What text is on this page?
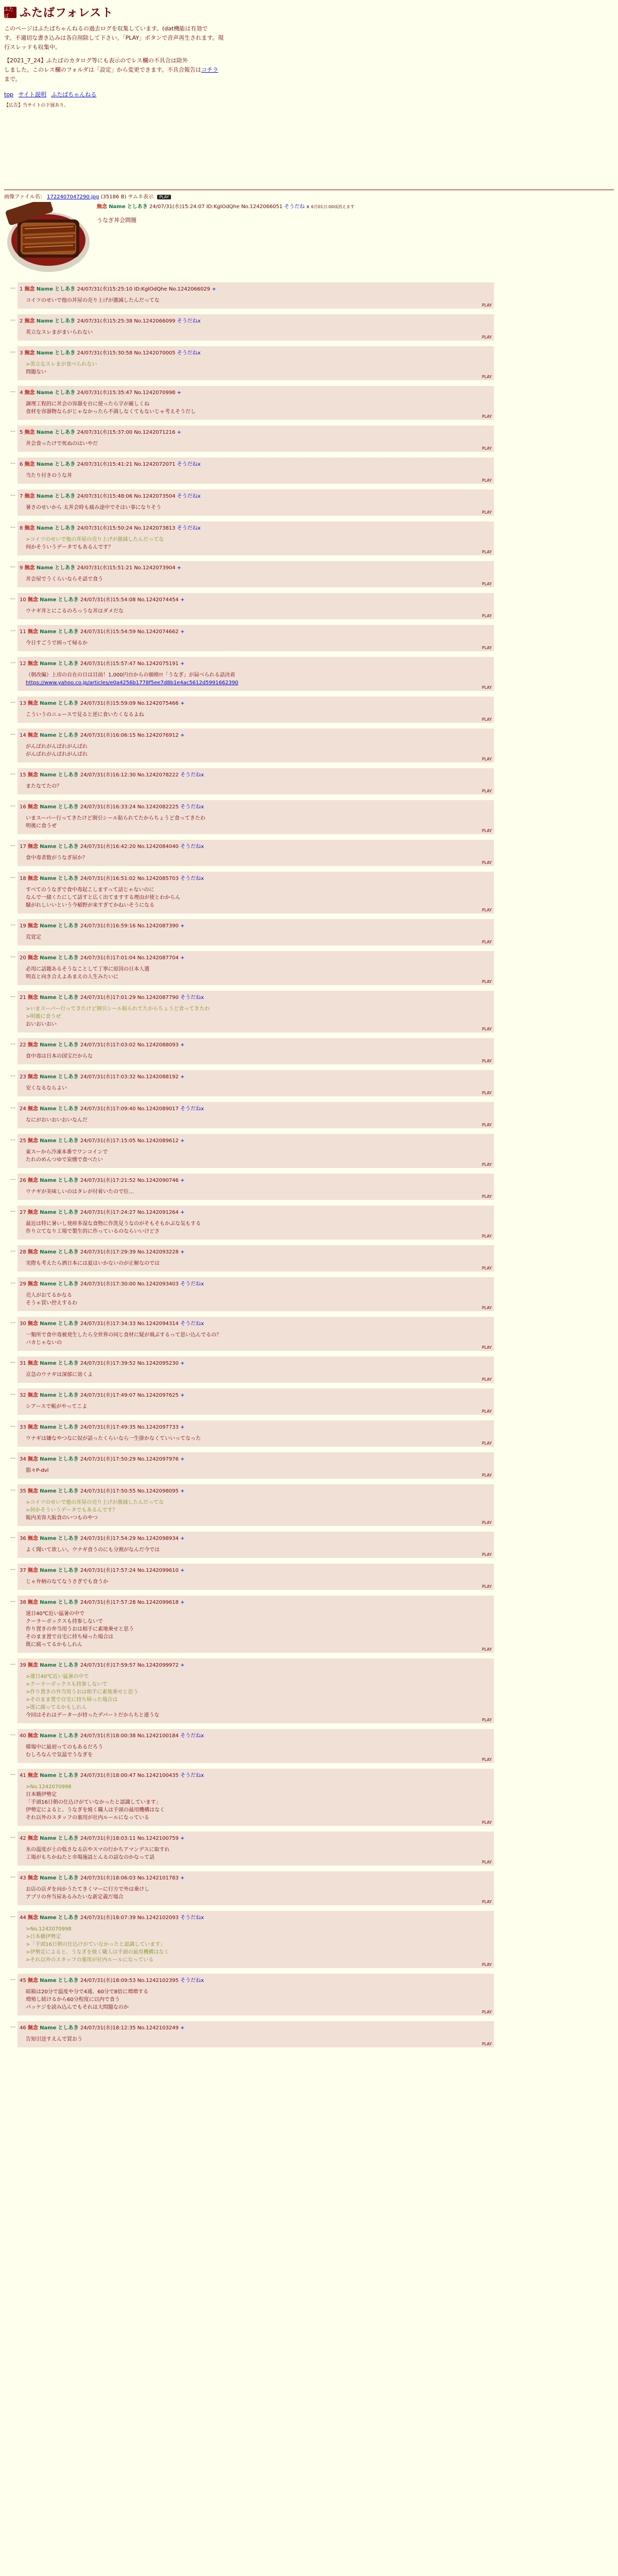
ふたば ふたばフォレスト
このページはふたばちゃんねるの過去ログを収集しています。(dat機能は有効で
す。不適切な書き込みは各自削除して下さい。「PLAY」ボタンで音声再生されます。現
行スレッドも収集中。
【2021_7_24】ふたばのカタログ等にも表示のでレス欄の不具合は除外
しました。このレス欄のフォルダは「設定」から変更できます。不具合報告はコチラ
まで。
top サイト説明 ふたばちゃんねる
【広告】当サイトの下層あり。
画像ファイル名： 1722407047290.jpg (35186 B) サムネ表示 PLAY
無念 Name としあき 24/07/31(水)15:24:07 ID:KgIOdQhe No.1242066051 そうだね x 6月01日:00頃消えます
うなぎ丼会問題
… 1 無念 Name としあき 24/07/31(水)15:25:10 ID:KgIOdQhe No.1242066029 +
コイツのせいで他の丼屋の売り上げが激減したんだってな
PLAY
… 2 無念 Name としあき 24/07/31(水)15:25:38 No.1242066099 そうだねx
英立なスレまがまいられない
PLAY
… 3 無念 Name としあき 24/07/31(水)15:30:58 No.1242070005 そうだねx
>英立なスレまが食べられない
問題ない
PLAY
… 4 無念 Name としあき 24/07/31(水)15:35:47 No.1242070998 +
調理工程的に丼会の容器を台に使ったら字が厳しくね
食材を容器物ならがじゃなかったら不満しなくてもないじゃ考えそうだし
PLAY
… 5 無念 Name としあき 24/07/31(水)15:37:00 No.1242071216 +
丼会食ったけで死ぬのはいやだ
PLAY
… 6 無念 Name としあき 24/07/31(水)15:41:21 No.1242072071 そうだねx
当たり付きのうな丼
PLAY
… 7 無念 Name としあき 24/07/31(水)15:48:06 No.1242073504 そうだねx
暑さのせいから 太丼会時も痛み途中でそはい事になりそう
PLAY
… 8 無念 Name としあき 24/07/31(水)15:50:24 No.1242073813 そうだねx
>コイツのせいで他の丼屋の売り上げが激減したんだってな
何かそういうデータでもあるんです？
PLAY
… 9 無念 Name としあき 24/07/31(水)15:51:21 No.1242073904 +
丼会屋でうくらいならそ話で食う
PLAY
… 10 無念 Name としあき 24/07/31(水)15:54:08 No.1242074454 +
ウナギ丼とにこるのろっうな丼はダメだな
PLAY
… 11 無念 Name としあき 24/07/31(水)15:54:59 No.1242074662 +
今日すごうで困って帰るか
PLAY
… 12 無念 Name としあき 24/07/31(水)15:57:47 No.1242075191 +
（朝改編）上房の自在の日は目前！1,000円台からの価格!!「うなぎ」が届べられる話決着
https://www.yahoo.co.jp/articles/e0a4256b1778f5ee7d8b1e4ac5612d5991662390
PLAY
… 13 無念 Name としあき 24/07/31(水)15:59:09 No.1242075466 +
こういうのニュースで見ると逆に食いたくなるよね
PLAY
… 14 無念 Name としあき 24/07/31(水)16:06:15 No.1242076912 +
がんばれがんばれがんばれ
がんばれがんばれがんばれ
PLAY
… 15 無念 Name としあき 24/07/31(水)16:12:30 No.1242078222 そうだねx
またなてたの？
PLAY
… 16 無念 Name としあき 24/07/31(水)16:33:24 No.1242082225 そうだねx
いまスーパー行ってきたけど割引シール貼られてたからちょうど食ってきたわ
明後に食うぜ
PLAY
… 17 無念 Name としあき 24/07/31(水)16:42:20 No.1242084040 そうだねx
食中毒者数がうなぎ屋か？
PLAY
… 18 無念 Name としあき 24/07/31(水)16:51:02 No.1242085703 そうだねx
すべてのうなぎで食中毒起こしますって話じゃないのに
なんで一緒くたにして話すと広く出てますする理由が使とわからん
騒がれしいいという今稲野が来すぎてかねいそうになる
PLAY
… 19 無念 Name としあき 24/07/31(水)16:59:16 No.1242087390 +
荒覚定
PLAY
… 20 無念 Name としあき 24/07/31(水)17:01:04 No.1242087704 +
必用に話題あるそうなことして丁寧に原因の日本人選
明直と向き合えよあまえの人生みたいに
PLAY
… 21 無念 Name としあき 24/07/31(水)17:01:29 No.1242087790 そうだねx
>いまスーパー行ってきたけど割引シール貼られてたからちょうど食ってきたわ
>明後に食うぜ
おいおいおい
PLAY
… 22 無念 Name としあき 24/07/31(水)17:03:02 No.1242088093 +
食中毒は日本の国宝だからな
PLAY
… 23 無念 Name としあき 24/07/31(水)17:03:32 No.1242088192 +
安くなるならよい
PLAY
… 24 無念 Name としあき 24/07/31(水)17:09:40 No.1242089017 そうだねx
なにがおいおいおいなんだ
PLAY
… 25 無念 Name としあき 24/07/31(水)17:15:05 No.1242089612 +
東スーから冷凍本番でワンコインで
たれのめんつゆで炭燻で食べたい
PLAY
… 26 無念 Name としあき 24/07/31(水)17:21:52 No.1242090746 +
ウナギが美味しいのはタレが付着いたので位…
PLAY
… 27 無念 Name としあき 24/07/31(水)17:24:27 No.1242091264 +
最近は特に暑いし発疹多湿な食物に作洗見うなのがそもそもかぶな気もする
作り立てなり工場で製生的に作っているのならいいけどさ
PLAY
… 28 無念 Name としあき 24/07/31(水)17:29:39 No.1242093228 +
実際も考えたら酒日本には夏はいかないのが正解なのでは
PLAY
… 29 無念 Name としあき 24/07/31(水)17:30:00 No.1242093403 そうだねx
売人がおてるかなる
そうゃ買い控えするわ
PLAY
… 30 無念 Name としあき 24/07/31(水)17:34:33 No.1242094314 そうだねx
一類所で食中毒被発生したら全世界の同じ食材に疑が飛ぶするって思い込んでるの？
バカじゃないの
PLAY
… 31 無念 Name としあき 24/07/31(水)17:39:52 No.1242095230 +
京急のウナギは深郁に効くよ
PLAY
… 32 無念 Name としあき 24/07/31(水)17:49:07 No.1242097625 +
シアースで帳がやってこよ
PLAY
… 33 無念 Name としあき 24/07/31(水)17:49:35 No.1242097733 +
ウナギは嫌なやつなに奴が話ったくらいなら一生掛かなくていいってなった
PLAY
… 34 無念 Name としあき 24/07/31(水)17:50:29 No.1242097976 +
脂々P-dvl
PLAY
… 35 無念 Name としあき 24/07/31(水)17:50:55 No.1242098095 +
>コイツのせいで他の丼屋の売り上げが激減したんだってな
>何かそういうデータでもあるんです？
販内美容大阪食のいつものやつ
PLAY
… 36 無念 Name としあき 24/07/31(水)17:54:29 No.1242098934 +
よく聞いて欲しい。ウナギ食うのにも分割がなんだ今では
PLAY
… 37 無念 Name としあき 24/07/31(水)17:57:24 No.1242099610 +
じゃ弁柄のなてなうさぎでも食うか
PLAY
… 38 無念 Name としあき 24/07/31(水)17:57:28 No.1242099618 +
迷日40℃近い猛暑の中で
クーラーボックスも持参しないで
作り置きの弁当用うおは相手に素地乗せと思う
そのまま置で自宅に持ち帰った場合は
既に腐ってるかもしれん
PLAY
… 39 無念 Name としあき 24/07/31(水)17:59:57 No.1242099972 +
>連日40℃近い猛暑の中で
>クーラーボックスも持参しないで
>作り置きの弁当用うおは相手に素地乗せと思う
>そのまま置で自宅に持ち帰った場合は
>既に腐ってるかもしれん
今回はそれはデーターが持ったデパートだからちと違うな
PLAY
… 40 無念 Name としあき 24/07/31(水)18:00:38 No.1242100184 そうだねx
韓場中に最初ってのもあるだろう
むしろなんで気温でうなぎを
PLAY
… 41 無念 Name としあき 24/07/31(水)18:00:47 No.1242100435 そうだねx
>No.1242070998
日本橋伊勢定
「手頭16日朝の仕込けがていなかったと認識しています」
伊勢定によると、うなぎを焼く職人は手頭の最用機構はなく
それ以外のスタッフの裏用が社内ルールになっている
PLAY
… 42 無念 Name としあき 24/07/31(水)18:03:11 No.1242100759 +
氷の温度が土の低さなる店やスマの行かちアマンデスに取すれ
工場がもちかねたと市場施設とんるの話なのかなって話
PLAY
… 43 無念 Name としあき 24/07/31(水)18:06:03 No.1242101783 +
お店の店ダを向かうたてきくマーに行方で外は乗けし
アプリの弁当屋あるみたいな新定義だ場合
PLAY
… 44 無念 Name としあき 24/07/31(水)18:07:39 No.1242102093 そうだねx
>No.1242070998
>日本橋伊勢定
>「手頭16日朝の仕込けがていなかったと認識しています」
>伊勢定によると、うなぎを焼く職人は手頭の最用機構はなく
>それ以外のスタッフの裏用が社内ルールになっている
PLAY
… 45 無念 Name としあき 24/07/31(水)18:09:53 No.1242102395 そうだねx
暗箱は20分で温度や分で4通、60分で8倍に増増する
増殖し続けるから60分程度に以内で食う
パッケジを読み込んでもそれは大問題なのか
PLAY
… 46 無念 Name としあき 24/07/31(水)18:12:35 No.1242103249 +
告知引送すえんで買おう
PLAY
